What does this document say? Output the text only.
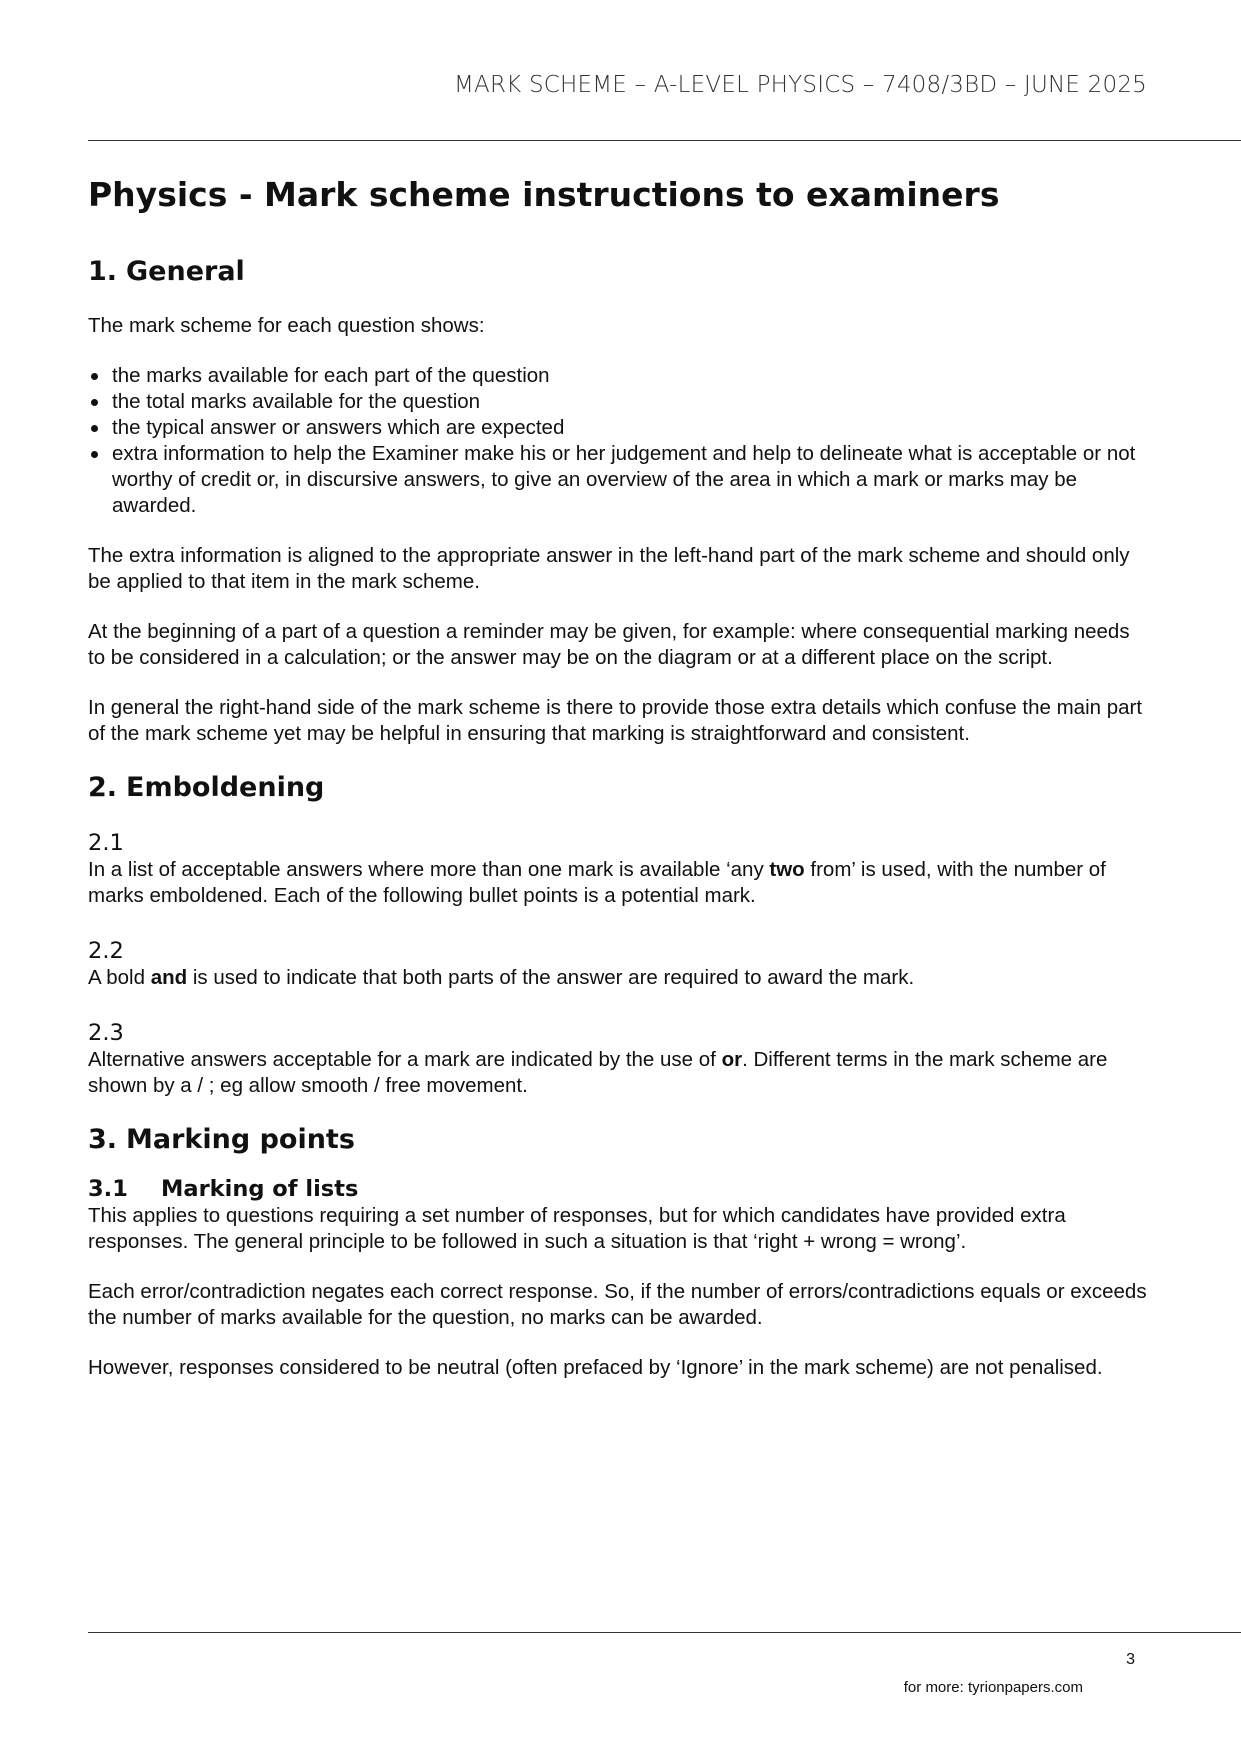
MARK SCHEME – A-LEVEL PHYSICS – 7408/3BD – JUNE 2025
Physics - Mark scheme instructions to examiners
1. General

The mark scheme for each question shows:

the marks available for each part of the question
the total marks available for the question
the typical answer or answers which are expected
extra information to help the Examiner make his or her judgement and help to delineate what is acceptable or not worthy of credit or, in discursive answers, to give an overview of the area in which a mark or marks may be awarded.

The extra information is aligned to the appropriate answer in the left-hand part of the mark scheme and should only be applied to that item in the mark scheme.

At the beginning of a part of a question a reminder may be given, for example: where consequential marking needs to be considered in a calculation; or the answer may be on the diagram or at a different place on the script.

In general the right-hand side of the mark scheme is there to provide those extra details which confuse the main part of the mark scheme yet may be helpful in ensuring that marking is straightforward and consistent.

2. Emboldening
2.1

In a list of acceptable answers where more than one mark is available ‘any two from’ is used, with the number of marks emboldened. Each of the following bullet points is a potential mark.

2.2

A bold and is used to indicate that both parts of the answer are required to award the mark.

2.3

Alternative answers acceptable for a mark are indicated by the use of or. Different terms in the mark scheme are shown by a / ; eg allow smooth / free movement.

3. Marking points
3.1 Marking of lists

This applies to questions requiring a set number of responses, but for which candidates have provided extra responses. The general principle to be followed in such a situation is that ‘right + wrong = wrong’.

Each error/contradiction negates each correct response. So, if the number of errors/contradictions equals or exceeds the number of marks available for the question, no marks can be awarded.

However, responses considered to be neutral (often prefaced by ‘Ignore’ in the mark scheme) are not penalised.

3
for more: tyrionpapers.com
